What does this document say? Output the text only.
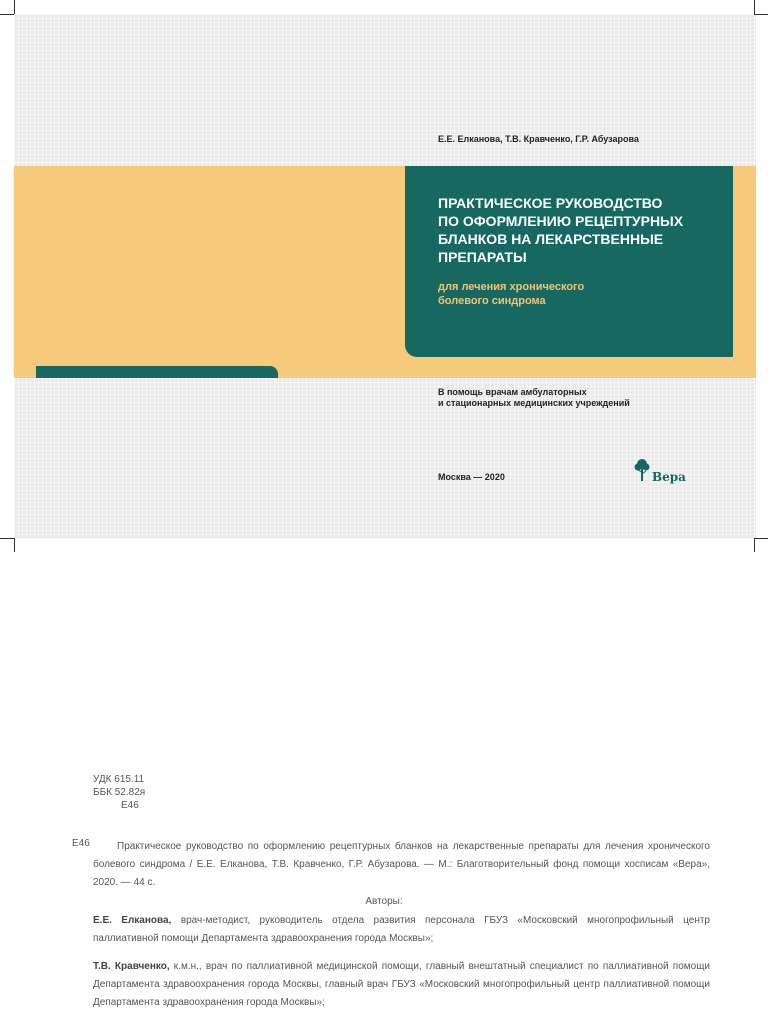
Е.Е. Елканова, Т.В. Кравченко, Г.Р. Абузарова
ПРАКТИЧЕСКОЕ РУКОВОДСТВО
ПО ОФОРМЛЕНИЮ РЕЦЕПТУРНЫХ
БЛАНКОВ НА ЛЕКАРСТВЕННЫЕ
ПРЕПАРАТЫ
для лечения хронического
болевого синдрома
В помощь врачам амбулаторных
и стационарных медицинских учреждений
Москва — 2020	Вера
УДК 615.11
ББК 52.82я
Е46
Е46	Практическое руководство по оформлению рецептурных бланков на лекарственные препараты для лечения хронического болевого синдрома / Е.Е. Елканова, Т.В. Кравченко, Г.Р. Абузарова. — М.: Благотворительный фонд помощи хосписам «Вера», 2020. — 44 с.
Авторы:
Е.Е. Елканова, врач-методист, руководитель отдела развития персонала ГБУЗ «Московский многопрофильный центр паллиативной помощи Департамента здравоохранения города Москвы»;
Т.В. Кравченко, к.м.н., врач по паллиативной медицинской помощи, главный внештатный специалист по паллиативной помощи Департамента здравоохранения города Москвы, главный врач ГБУЗ «Московский многопрофильный центр паллиативной помощи Департамента здравоохранения города Москвы»;
